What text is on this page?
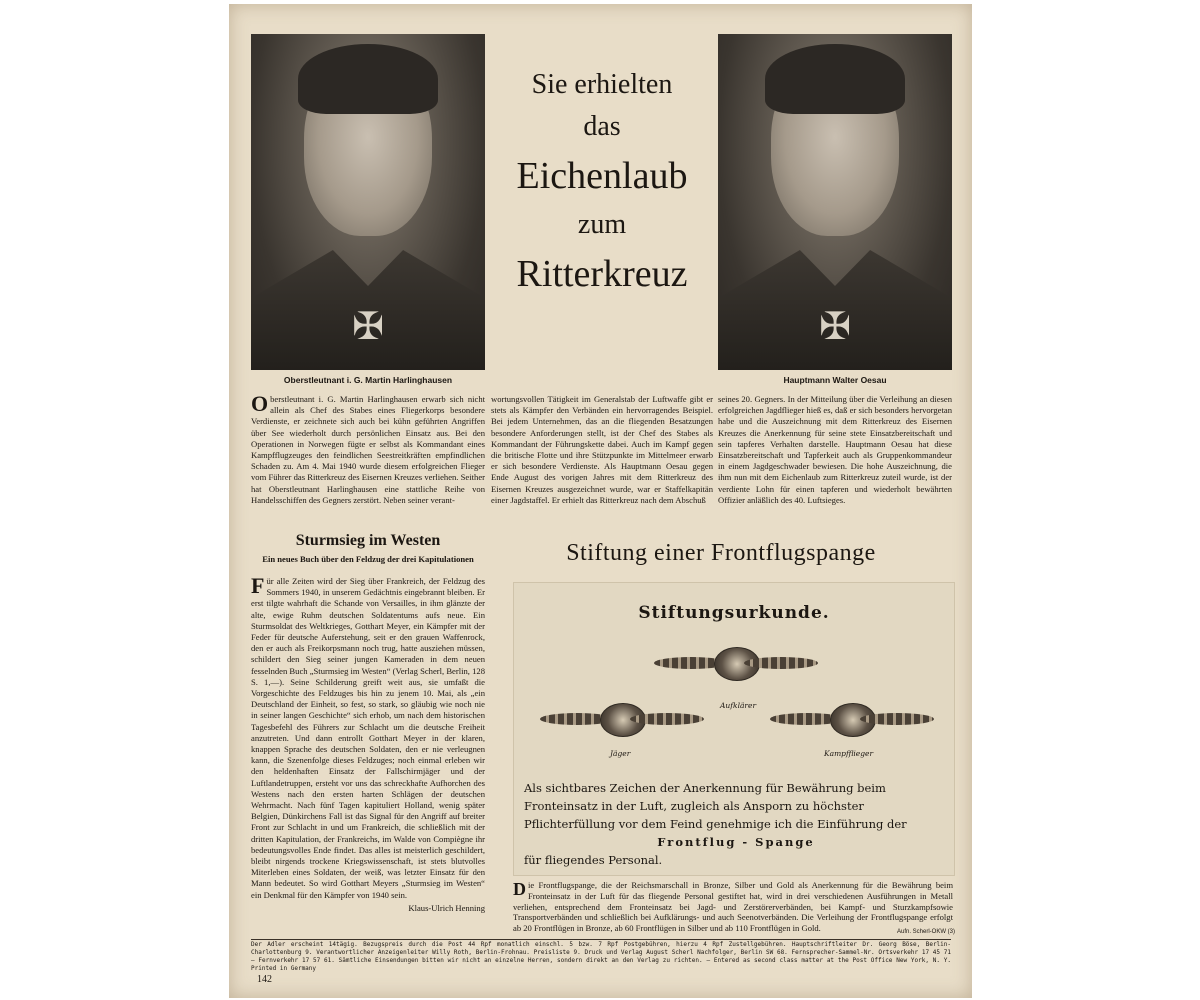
✠
Oberstleutnant i. G. Martin Harlinghausen
✠
Hauptmann Walter Oesau
Sie erhielten
das
Eichenlaub
zum
Ritterkreuz

Oberstleutnant i. G. Martin Harlinghausen erwarb sich nicht allein als Chef des Stabes eines Fliegerkorps besondere Verdienste, er zeichnete sich auch bei kühn geführten Angriffen über See wiederholt durch persönlichen Einsatz aus. Bei den Operationen in Norwegen fügte er selbst als Kommandant eines Kampfflugzeuges den feindlichen Seestreitkräften empfindlichen Schaden zu. Am 4. Mai 1940 wurde diesem erfolgreichen Flieger vom Führer das Ritterkreuz des Eisernen Kreuzes verliehen. Seither hat Oberstleutnant Harlinghausen eine stattliche Reihe von Handelsschiffen des Gegners zerstört. Neben seiner verant-

wortungsvollen Tätigkeit im Generalstab der Luftwaffe gibt er stets als Kämpfer den Verbänden ein hervorragendes Beispiel. Bei jedem Unternehmen, das an die fliegenden Besatzungen besondere Anforderungen stellt, ist der Chef des Stabes als Kommandant der Führungskette dabei. Auch im Kampf gegen die britische Flotte und ihre Stützpunkte im Mittelmeer erwarb er sich besondere Verdienste. Als Hauptmann Oesau gegen Ende August des vorigen Jahres mit dem Ritterkreuz des Eisernen Kreuzes ausgezeichnet wurde, war er Staffelkapitän einer Jagdstaffel. Er erhielt das Ritterkreuz nach dem Abschuß

seines 20. Gegners. In der Mitteilung über die Verleihung an diesen erfolgreichen Jagdflieger hieß es, daß er sich besonders hervorgetan habe und die Auszeichnung mit dem Ritterkreuz des Eisernen Kreuzes die Anerkennung für seine stete Einsatzbereitschaft und sein tapferes Verhalten darstelle. Hauptmann Oesau hat diese Einsatzbereitschaft und Tapferkeit auch als Gruppenkommandeur in einem Jagdgeschwader bewiesen. Die hohe Auszeichnung, die ihm nun mit dem Eichenlaub zum Ritterkreuz zuteil wurde, ist der verdiente Lohn für einen tapferen und wiederholt bewährten Offizier anläßlich des 40. Luftsieges.

Sturmsieg im Westen
Ein neues Buch über den Feldzug der drei Kapitulationen

Für alle Zeiten wird der Sieg über Frankreich, der Feldzug des Sommers 1940, in unserem Gedächtnis eingebrannt bleiben. Er erst tilgte wahrhaft die Schande von Versailles, in ihm glänzte der alte, ewige Ruhm deutschen Soldatentums aufs neue. Ein Sturmsoldat des Weltkrieges, Gotthart Meyer, ein Kämpfer mit der Feder für deutsche Auferstehung, seit er den grauen Waffenrock, den er auch als Freikorpsmann noch trug, hatte ausziehen müssen, schildert den Sieg seiner jungen Kameraden in dem neuen fesselnden Buch „Sturmsieg im Westen“ (Verlag Scherl, Berlin, 128 S. 1,—). Seine Schilderung greift weit aus, sie umfaßt die Vorgeschichte des Feldzuges bis hin zu jenem 10. Mai, als „ein Deutschland der Einheit, so fest, so stark, so gläubig wie noch nie in seiner langen Geschichte“ sich erhob, um nach dem historischen Tagesbefehl des Führers zur Schlacht um die deutsche Freiheit anzutreten. Und dann entrollt Gotthart Meyer in der klaren, knappen Sprache des deutschen Soldaten, den er nie verleugnen kann, die Szenenfolge dieses Feldzuges; noch einmal erleben wir den heldenhaften Einsatz der Fallschirmjäger und der Luftlandetruppen, ersteht vor uns das schreckhafte Aufhorchen des Westens nach den ersten harten Schlägen der deutschen Wehrmacht. Nach fünf Tagen kapituliert Holland, wenig später Belgien, Dünkirchens Fall ist das Signal für den Angriff auf breiter Front zur Schlacht in und um Frankreich, die schließlich mit der dritten Kapitulation, der Frankreichs, im Walde von Compiègne ihr bedeutungsvolles Ende findet. Das alles ist meisterlich geschildert, bleibt nirgends trockene Kriegswissenschaft, ist stets blutvolles Miterleben eines Soldaten, der weiß, was letzter Einsatz für den Mann bedeutet. So wird Gotthart Meyers „Sturmsieg im Westen“ ein Denkmal für den Kämpfer von 1940 sein.

Klaus-Ulrich Henning
Stiftung einer Frontflugspange
Stiftungsurkunde.
Aufklärer
Jäger	Kampfflieger
Als sichtbares Zeichen der Anerkennung für Bewährung beim Fronteinsatz in der Luft, zugleich als Ansporn zu höchster Pflichterfüllung vor dem Feind genehmige ich die Einführung der
Frontflug - Spange
für fliegendes Personal.
Die Frontflugspange, die der Reichsmarschall in Bronze, Silber und Gold als Anerkennung für die Bewährung beim Fronteinsatz in der Luft für das fliegende Personal gestiftet hat, wird in drei verschiedenen Ausführungen in Metall verliehen, entsprechend dem Fronteinsatz bei Jagd- und Zerstörerverbänden, bei Kampf- und Sturzkampfsowie Transportverbänden und schließlich bei Aufklärungs- und auch Seenotverbänden. Die Verleihung der Frontflugspange erfolgt ab 20 Frontflügen in Bronze, ab 60 Frontflügen in Silber und ab 110 Frontflügen in Gold.	Aufn. Scherl-OKW (3)
Der Adler erscheint 14tägig. Bezugspreis durch die Post 44 Rpf monatlich einschl. 5 bzw. 7 Rpf Postgebühren, hierzu 4 Rpf Zustellgebühren. Hauptschriftleiter Dr. Georg Böse, Berlin-Charlottenburg 9. Verantwortlicher Anzeigenleiter Willy Roth, Berlin-Frohnau. Preisliste 9. Druck und Verlag August Scherl Nachfolger, Berlin SW 68. Fernsprecher-Sammel-Nr. Ortsverkehr 17 45 71 — Fernverkehr 17 57 61. Sämtliche Einsendungen bitten wir nicht an einzelne Herren, sondern direkt an den Verlag zu richten. — Entered as second class matter at the Post Office New York, N. Y. Printed in Germany
142
